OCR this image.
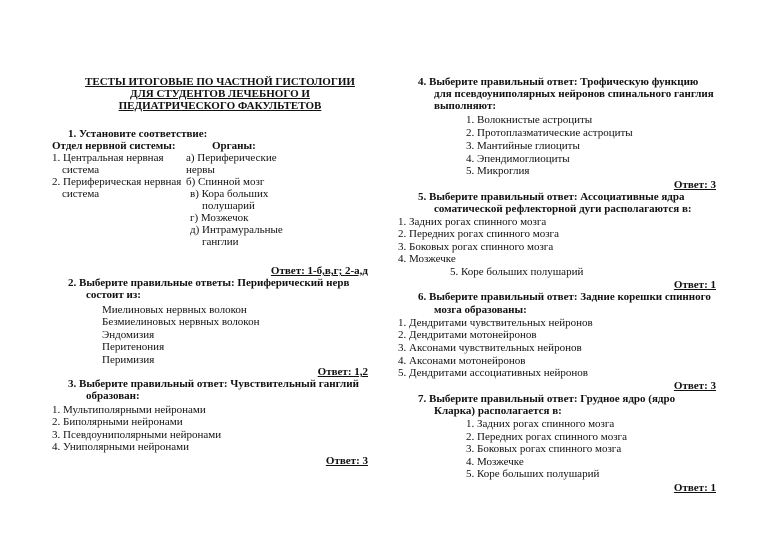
ТЕСТЫ ИТОГОВЫЕ ПО ЧАСТНОЙ ГИСТОЛОГИИ
ДЛЯ СТУДЕНТОВ ЛЕЧЕБНОГО И
ПЕДИАТРИЧЕСКОГО ФАКУЛЬТЕТОВ
1. Установите соответствие:
Отдел нервной системы:	Органы:
1. Центральная нервная
система
2. Периферическая нервная
система
а) Периферические
нервы
б) Спинной мозг
в) Кора больших
полушарий
г) Мозжечок
д) Интрамуральные
ганглии
Ответ: 1-б,в,г; 2-а,д
2. Выберите правильные ответы: Периферический нерв
состоит из:
Миелиновых нервных волокон
Безмиелиновых нервных волокон
Эндомизия
Перитенония
Перимизия
Ответ: 1,2
3. Выберите правильный ответ: Чувствительный ганглий
образован:
1. Мультиполярными нейронами
2. Биполярными нейронами
3. Псевдоуниполярными нейронами
4. Униполярными нейронами
Ответ: 3
4. Выберите правильный ответ: Трофическую функцию
для псевдоуниполярных нейронов спинального ганглия
выполняют:
1. Волокнистые астроциты
2. Протоплазматические астроциты
3. Мантийные глиоциты
4. Эпендимоглиоциты
5. Микроглия
Ответ: 3
5. Выберите правильный ответ: Ассоциативные ядра
соматической рефлекторной дуги располагаются в:
1. Задних рогах спинного мозга
2. Передних рогах спинного мозга
3. Боковых рогах спинного мозга
4. Мозжечке
5. Коре больших полушарий
Ответ: 1
6. Выберите правильный ответ: Задние корешки спинного
мозга образованы:
1. Дендритами чувствительных нейронов
2. Дендритами мотонейронов
3. Аксонами чувствительных нейронов
4. Аксонами мотонейронов
5. Дендритами ассоциативных нейронов
Ответ: 3
7. Выберите правильный ответ: Грудное ядро (ядро
Кларка) располагается в:
1. Задних рогах спинного мозга
2. Передних рогах спинного мозга
3. Боковых рогах спинного мозга
4. Мозжечке
5. Коре больших полушарий
Ответ: 1
